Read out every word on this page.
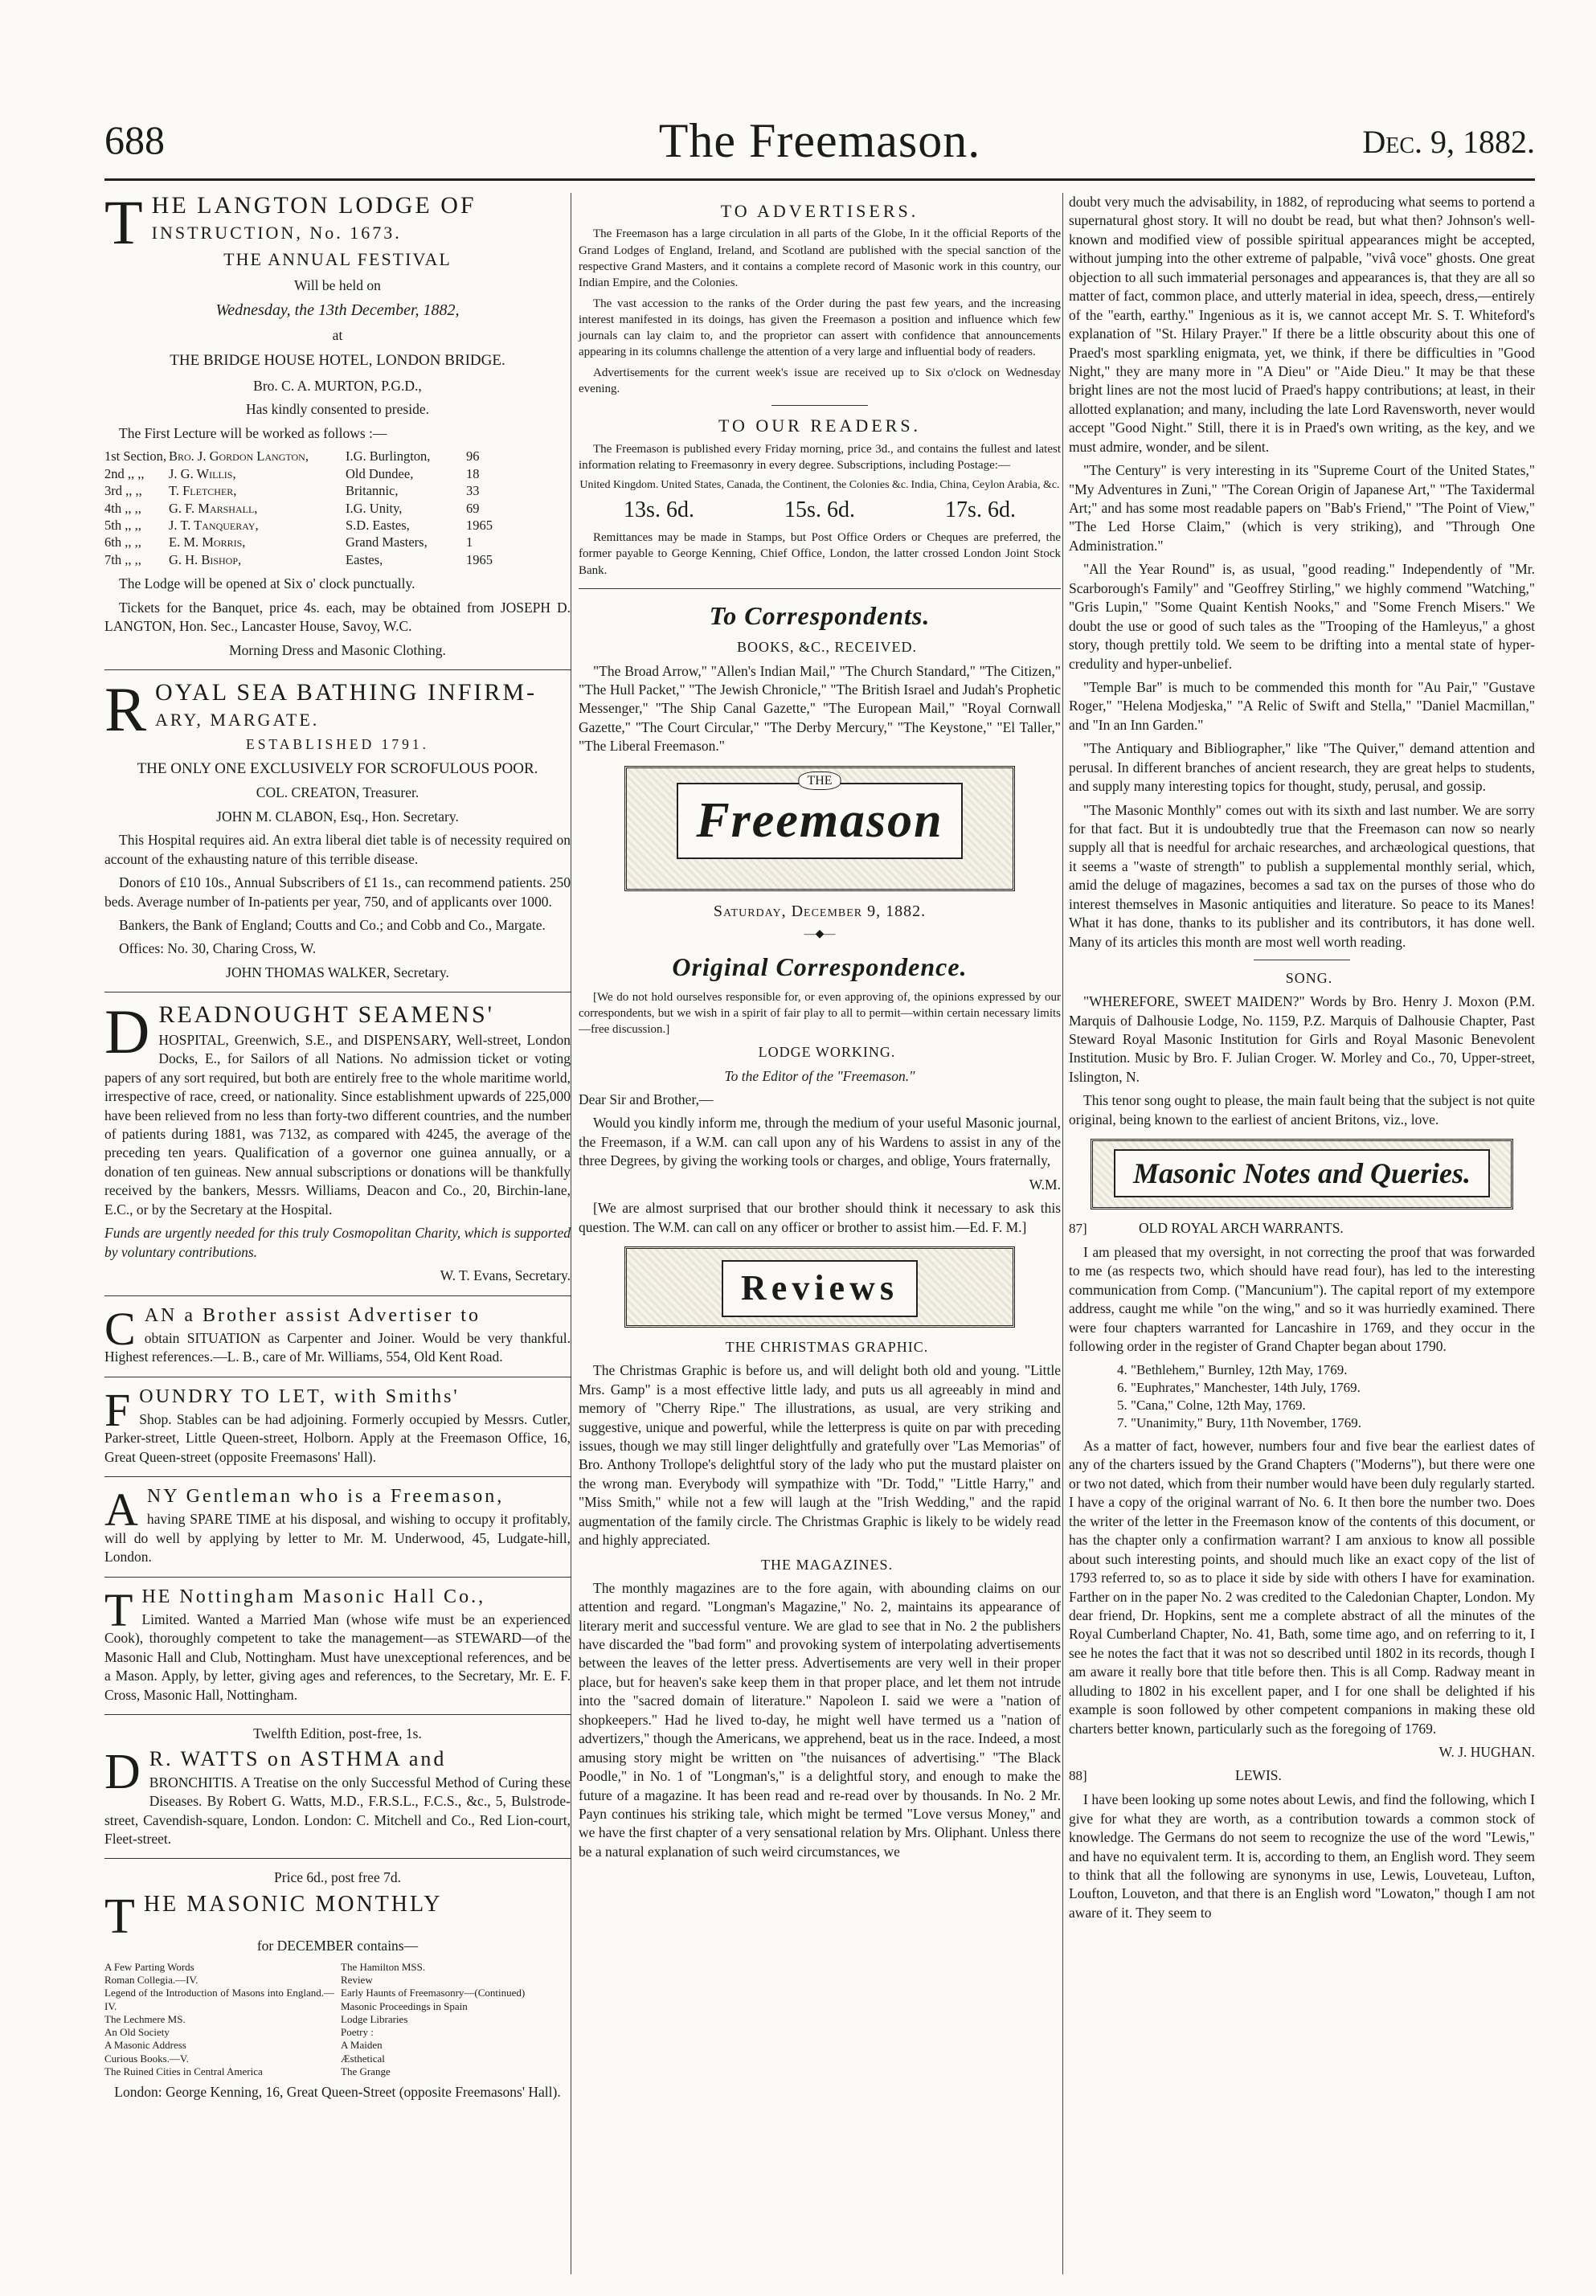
688	The Freemason.	Dec. 9, 1882.
THE LANGTON LODGE OF
INSTRUCTION, No. 1673.

THE ANNUAL FESTIVAL

Will be held on

Wednesday, the 13th December, 1882,

at

THE BRIDGE HOUSE HOTEL, LONDON BRIDGE.

Bro. C. A. MURTON, P.G.D.,

Has kindly consented to preside.

The First Lecture will be worked as follows :—

1st Section, Bro. J. Gordon Langton,	I.G. Burlington,	96
2nd ,, ,,	J. G. Willis,	Old Dundee,	18
3rd ,, ,,	T. Fletcher,	Britannic,	33
4th ,, ,,	G. F. Marshall,	I.G. Unity,	69
5th ,, ,,	J. T. Tanqueray,	S.D. Eastes,	1965
6th ,, ,,	E. M. Morris,	Grand Masters,	1
7th ,, ,,	G. H. Bishop,	Eastes,	1965

The Lodge will be opened at Six o' clock punctually.

Tickets for the Banquet, price 4s. each, may be obtained from JOSEPH D. LANGTON, Hon. Sec., Lancaster House, Savoy, W.C.

Morning Dress and Masonic Clothing.

ROYAL SEA BATHING INFIRM-
ARY, MARGATE.

ESTABLISHED 1791.

THE ONLY ONE EXCLUSIVELY FOR SCROFULOUS POOR.

COL. CREATON, Treasurer.

JOHN M. CLABON, Esq., Hon. Secretary.

This Hospital requires aid. An extra liberal diet table is of necessity required on account of the exhausting nature of this terrible disease.

Donors of £10 10s., Annual Subscribers of £1 1s., can recommend patients. 250 beds. Average number of In-patients per year, 750, and of applicants over 1000.

Bankers, the Bank of England; Coutts and Co.; and Cobb and Co., Margate.

Offices: No. 30, Charing Cross, W.

JOHN THOMAS WALKER, Secretary.

DREADNOUGHT SEAMENS'

HOSPITAL, Greenwich, S.E., and DISPENSARY, Well-street, London Docks, E., for Sailors of all Nations. No admission ticket or voting papers of any sort required, but both are entirely free to the whole maritime world, irrespective of race, creed, or nationality. Since establishment upwards of 225,000 have been relieved from no less than forty-two different countries, and the number of patients during 1881, was 7132, as compared with 4245, the average of the preceding ten years. Qualification of a governor one guinea annually, or a donation of ten guineas. New annual subscriptions or donations will be thankfully received by the bankers, Messrs. Williams, Deacon and Co., 20, Birchin-lane, E.C., or by the Secretary at the Hospital.

Funds are urgently needed for this truly Cosmopolitan Charity, which is supported by voluntary contributions.

W. T. Evans, Secretary.

CAN a Brother assist Advertiser to

obtain SITUATION as Carpenter and Joiner. Would be very thankful. Highest references.—L. B., care of Mr. Williams, 554, Old Kent Road.

FOUNDRY TO LET, with Smiths'

Shop. Stables can be had adjoining. Formerly occupied by Messrs. Cutler, Parker-street, Little Queen-street, Holborn. Apply at the Freemason Office, 16, Great Queen-street (opposite Freemasons' Hall).

ANY Gentleman who is a Freemason,

having SPARE TIME at his disposal, and wishing to occupy it profitably, will do well by applying by letter to Mr. M. Underwood, 45, Ludgate-hill, London.

THE Nottingham Masonic Hall Co.,

Limited. Wanted a Married Man (whose wife must be an experienced Cook), thoroughly competent to take the management—as STEWARD—of the Masonic Hall and Club, Nottingham. Must have unexceptional references, and be a Mason. Apply, by letter, giving ages and references, to the Secretary, Mr. E. F. Cross, Masonic Hall, Nottingham.

Twelfth Edition, post-free, 1s.

D R. WATTS on ASTHMA and

BRONCHITIS. A Treatise on the only Successful Method of Curing these Diseases. By Robert G. Watts, M.D., F.R.S.L., F.C.S., &c., 5, Bulstrode-street, Cavendish-square, London. London: C. Mitchell and Co., Red Lion-court, Fleet-street.

Price 6d., post free 7d.

THE MASONIC MONTHLY

for DECEMBER contains—

A Few Parting Words
Roman Collegia.—IV.
Legend of the Introduction of Masons into England.—IV.
The Lechmere MS.
An Old Society
A Masonic Address
Curious Books.—V.
The Ruined Cities in Central America
The Hamilton MSS.
Review
Early Haunts of Freemasonry—(Continued)
Masonic Proceedings in Spain
Lodge Libraries
Poetry :
A Maiden
Æsthetical
The Grange

London: George Kenning, 16, Great Queen-Street (opposite Freemasons' Hall).

TO ADVERTISERS.

The Freemason has a large circulation in all parts of the Globe, In it the official Reports of the Grand Lodges of England, Ireland, and Scotland are published with the special sanction of the respective Grand Masters, and it contains a complete record of Masonic work in this country, our Indian Empire, and the Colonies.

The vast accession to the ranks of the Order during the past few years, and the increasing interest manifested in its doings, has given the Freemason a position and influence which few journals can lay claim to, and the proprietor can assert with confidence that announcements appearing in its columns challenge the attention of a very large and influential body of readers.

Advertisements for the current week's issue are received up to Six o'clock on Wednesday evening.

TO OUR READERS.

The Freemason is published every Friday morning, price 3d., and contains the fullest and latest information relating to Freemasonry in every degree. Subscriptions, including Postage:—

United Kingdom. United States, Canada, the Continent, the Colonies &c. India, China, Ceylon Arabia, &c.
13s. 6d.	15s. 6d.	17s. 6d.

Remittances may be made in Stamps, but Post Office Orders or Cheques are preferred, the former payable to George Kenning, Chief Office, London, the latter crossed London Joint Stock Bank.

To Correspondents.

BOOKS, &C., RECEIVED.

"The Broad Arrow," "Allen's Indian Mail," "The Church Standard," "The Citizen," "The Hull Packet," "The Jewish Chronicle," "The British Israel and Judah's Prophetic Messenger," "The Ship Canal Gazette," "The European Mail," "Royal Cornwall Gazette," "The Court Circular," "The Derby Mercury," "The Keystone," "El Taller," "The Liberal Freemason."

THE
Freemason

Saturday, December 9, 1882.

—◆—
Original Correspondence.

[We do not hold ourselves responsible for, or even approving of, the opinions expressed by our correspondents, but we wish in a spirit of fair play to all to permit—within certain necessary limits—free discussion.]

LODGE WORKING.

To the Editor of the "Freemason."

Dear Sir and Brother,—

Would you kindly inform me, through the medium of your useful Masonic journal, the Freemason, if a W.M. can call upon any of his Wardens to assist in any of the three Degrees, by giving the working tools or charges, and oblige, Yours fraternally,

W.M.

[We are almost surprised that our brother should think it necessary to ask this question. The W.M. can call on any officer or brother to assist him.—Ed. F. M.]

Reviews

THE CHRISTMAS GRAPHIC.

The Christmas Graphic is before us, and will delight both old and young. "Little Mrs. Gamp" is a most effective little lady, and puts us all agreeably in mind and memory of "Cherry Ripe." The illustrations, as usual, are very striking and suggestive, unique and powerful, while the letterpress is quite on par with preceding issues, though we may still linger delightfully and gratefully over "Las Memorias" of Bro. Anthony Trollope's delightful story of the lady who put the mustard plaister on the wrong man. Everybody will sympathize with "Dr. Todd," "Little Harry," and "Miss Smith," while not a few will laugh at the "Irish Wedding," and the rapid augmentation of the family circle. The Christmas Graphic is likely to be widely read and highly appreciated.

THE MAGAZINES.

The monthly magazines are to the fore again, with abounding claims on our attention and regard. "Longman's Magazine," No. 2, maintains its appearance of literary merit and successful venture. We are glad to see that in No. 2 the publishers have discarded the "bad form" and provoking system of interpolating advertisements between the leaves of the letter press. Advertisements are very well in their proper place, but for heaven's sake keep them in that proper place, and let them not intrude into the "sacred domain of literature." Napoleon I. said we were a "nation of shopkeepers." Had he lived to-day, he might well have termed us a "nation of advertizers," though the Americans, we apprehend, beat us in the race. Indeed, a most amusing story might be written on "the nuisances of advertising." "The Black Poodle," in No. 1 of "Longman's," is a delightful story, and enough to make the future of a magazine. It has been read and re-read over by thousands. In No. 2 Mr. Payn continues his striking tale, which might be termed "Love versus Money," and we have the first chapter of a very sensational relation by Mrs. Oliphant. Unless there be a natural explanation of such weird circumstances, we

doubt very much the advisability, in 1882, of reproducing what seems to portend a supernatural ghost story. It will no doubt be read, but what then? Johnson's well-known and modified view of possible spiritual appearances might be accepted, without jumping into the other extreme of palpable, "vivâ voce" ghosts. One great objection to all such immaterial personages and appearances is, that they are all so matter of fact, common place, and utterly material in idea, speech, dress,—entirely of the "earth, earthy." Ingenious as it is, we cannot accept Mr. S. T. Whiteford's explanation of "St. Hilary Prayer." If there be a little obscurity about this one of Praed's most sparkling enigmata, yet, we think, if there be difficulties in "Good Night," they are many more in "A Dieu" or "Aide Dieu." It may be that these bright lines are not the most lucid of Praed's happy contributions; at least, in their allotted explanation; and many, including the late Lord Ravensworth, never would accept "Good Night." Still, there it is in Praed's own writing, as the key, and we must admire, wonder, and be silent.

"The Century" is very interesting in its "Supreme Court of the United States," "My Adventures in Zuni," "The Corean Origin of Japanese Art," "The Taxidermal Art;" and has some most readable papers on "Bab's Friend," "The Point of View," "The Led Horse Claim," (which is very striking), and "Through One Administration."

"All the Year Round" is, as usual, "good reading." Independently of "Mr. Scarborough's Family" and "Geoffrey Stirling," we highly commend "Watching," "Gris Lupin," "Some Quaint Kentish Nooks," and "Some French Misers." We doubt the use or good of such tales as the "Trooping of the Hamleyus," a ghost story, though prettily told. We seem to be drifting into a mental state of hyper-credulity and hyper-unbelief.

"Temple Bar" is much to be commended this month for "Au Pair," "Gustave Roger," "Helena Modjeska," "A Relic of Swift and Stella," "Daniel Macmillan," and "In an Inn Garden."

"The Antiquary and Bibliographer," like "The Quiver," demand attention and perusal. In different branches of ancient research, they are great helps to students, and supply many interesting topics for thought, study, perusal, and gossip.

"The Masonic Monthly" comes out with its sixth and last number. We are sorry for that fact. But it is undoubtedly true that the Freemason can now so nearly supply all that is needful for archaic researches, and archæological questions, that it seems a "waste of strength" to publish a supplemental monthly serial, which, amid the deluge of magazines, becomes a sad tax on the purses of those who do interest themselves in Masonic antiquities and literature. So peace to its Manes! What it has done, thanks to its publisher and its contributors, it has done well. Many of its articles this month are most well worth reading.

SONG.

"WHEREFORE, SWEET MAIDEN?" Words by Bro. Henry J. Moxon (P.M. Marquis of Dalhousie Lodge, No. 1159, P.Z. Marquis of Dalhousie Chapter, Past Steward Royal Masonic Institution for Girls and Royal Masonic Benevolent Institution. Music by Bro. F. Julian Croger. W. Morley and Co., 70, Upper-street, Islington, N.

This tenor song ought to please, the main fault being that the subject is not quite original, being known to the earliest of ancient Britons, viz., love.

Masonic Notes and Queries.

87]	OLD ROYAL ARCH WARRANTS.

I am pleased that my oversight, in not correcting the proof that was forwarded to me (as respects two, which should have read four), has led to the interesting communication from Comp. ("Mancunium"). The capital report of my extempore address, caught me while "on the wing," and so it was hurriedly examined. There were four chapters warranted for Lancashire in 1769, and they occur in the following order in the register of Grand Chapter began about 1790.

4. "Bethlehem," Burnley, 12th May, 1769.
6. "Euphrates," Manchester, 14th July, 1769.
5. "Cana," Colne, 12th May, 1769.
7. "Unanimity," Bury, 11th November, 1769.

As a matter of fact, however, numbers four and five bear the earliest dates of any of the charters issued by the Grand Chapters ("Moderns"), but there were one or two not dated, which from their number would have been duly regularly started. I have a copy of the original warrant of No. 6. It then bore the number two. Does the writer of the letter in the Freemason know of the contents of this document, or has the chapter only a confirmation warrant? I am anxious to know all possible about such interesting points, and should much like an exact copy of the list of 1793 referred to, so as to place it side by side with others I have for examination. Farther on in the paper No. 2 was credited to the Caledonian Chapter, London. My dear friend, Dr. Hopkins, sent me a complete abstract of all the minutes of the Royal Cumberland Chapter, No. 41, Bath, some time ago, and on referring to it, I see he notes the fact that it was not so described until 1802 in its records, though I am aware it really bore that title before then. This is all Comp. Radway meant in alluding to 1802 in his excellent paper, and I for one shall be delighted if his example is soon followed by other competent companions in making these old charters better known, particularly such as the foregoing of 1769.

W. J. HUGHAN.

88]	LEWIS.

I have been looking up some notes about Lewis, and find the following, which I give for what they are worth, as a contribution towards a common stock of knowledge. The Germans do not seem to recognize the use of the word "Lewis," and have no equivalent term. It is, according to them, an English word. They seem to think that all the following are synonyms in use, Lewis, Louveteau, Lufton, Loufton, Louveton, and that there is an English word "Lowaton," though I am not aware of it. They seem to
